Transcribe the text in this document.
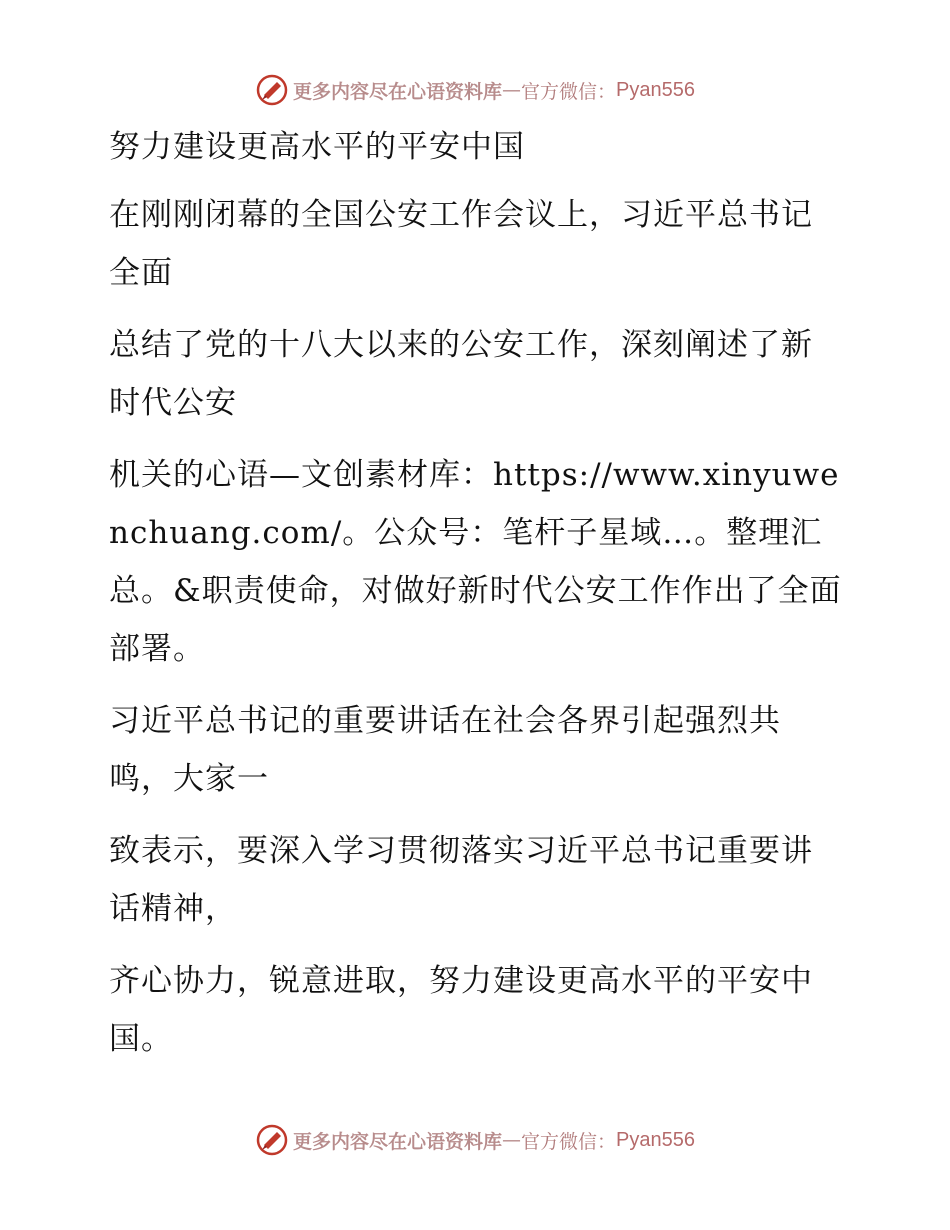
更多内容尽在心语资料库 — 官方微信： Pyan556

努力建设更高水平的平安中国

在刚刚闭幕的全国公安工作会议上，习近平总书记全面

总结了党的十八大以来的公安工作，深刻阐述了新时代公安

机关的心语—文创素材库：https://www.xinyuwenchuang.com/。公众号：笔杆子星域…。整理汇总。&职责使命，对做好新时代公安工作作出了全面部署。

习近平总书记的重要讲话在社会各界引起强烈共鸣，大家一

致表示，要深入学习贯彻落实习近平总书记重要讲话精神，

齐心协力，锐意进取，努力建设更高水平的平安中国。

更多内容尽在心语资料库 — 官方微信： Pyan556
